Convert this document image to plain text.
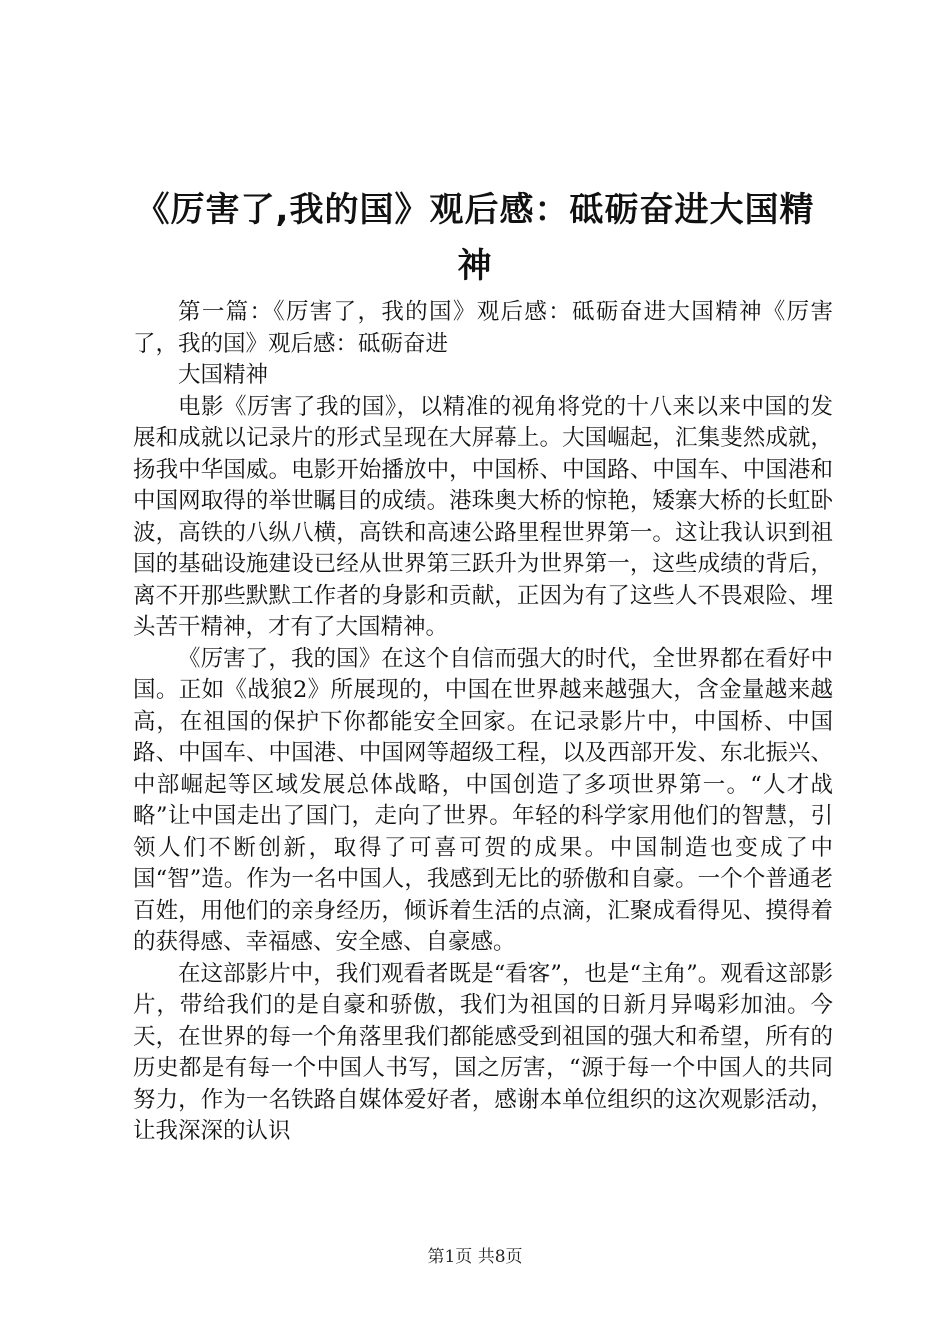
《厉害了,我的国》观后感：砥砺奋进大国精神

第一篇：《厉害了，我的国》观后感：砥砺奋进大国精神《厉害了，我的国》观后感：砥砺奋进

大国精神

电影《厉害了我的国》，以精准的视角将党的十八来以来中国的发展和成就以记录片的形式呈现在大屏幕上。大国崛起，汇集斐然成就，扬我中华国威。电影开始播放中，中国桥、中国路、中国车、中国港和中国网取得的举世瞩目的成绩。港珠奥大桥的惊艳，矮寨大桥的长虹卧波，高铁的八纵八横，高铁和高速公路里程世界第一。这让我认识到祖国的基础设施建设已经从世界第三跃升为世界第一，这些成绩的背后，离不开那些默默工作者的身影和贡献，正因为有了这些人不畏艰险、埋头苦干精神，才有了大国精神。

《厉害了，我的国》在这个自信而强大的时代，全世界都在看好中国。正如《战狼2》所展现的，中国在世界越来越强大，含金量越来越高，在祖国的保护下你都能安全回家。在记录影片中，中国桥、中国路、中国车、中国港、中国网等超级工程，以及西部开发、东北振兴、中部崛起等区域发展总体战略，中国创造了多项世界第一。“人才战略”让中国走出了国门，走向了世界。年轻的科学家用他们的智慧，引领人们不断创新，取得了可喜可贺的成果。中国制造也变成了中国“智”造。作为一名中国人，我感到无比的骄傲和自豪。一个个普通老百姓，用他们的亲身经历，倾诉着生活的点滴，汇聚成看得见、摸得着的获得感、幸福感、安全感、自豪感。

在这部影片中，我们观看者既是“看客”，也是“主角”。观看这部影片，带给我们的是自豪和骄傲，我们为祖国的日新月异喝彩加油。今天，在世界的每一个角落里我们都能感受到祖国的强大和希望，所有的历史都是有每一个中国人书写，国之厉害，“源于每一个中国人的共同努力，作为一名铁路自媒体爱好者，感谢本单位组织的这次观影活动，让我深深的认识

第1页 共8页
